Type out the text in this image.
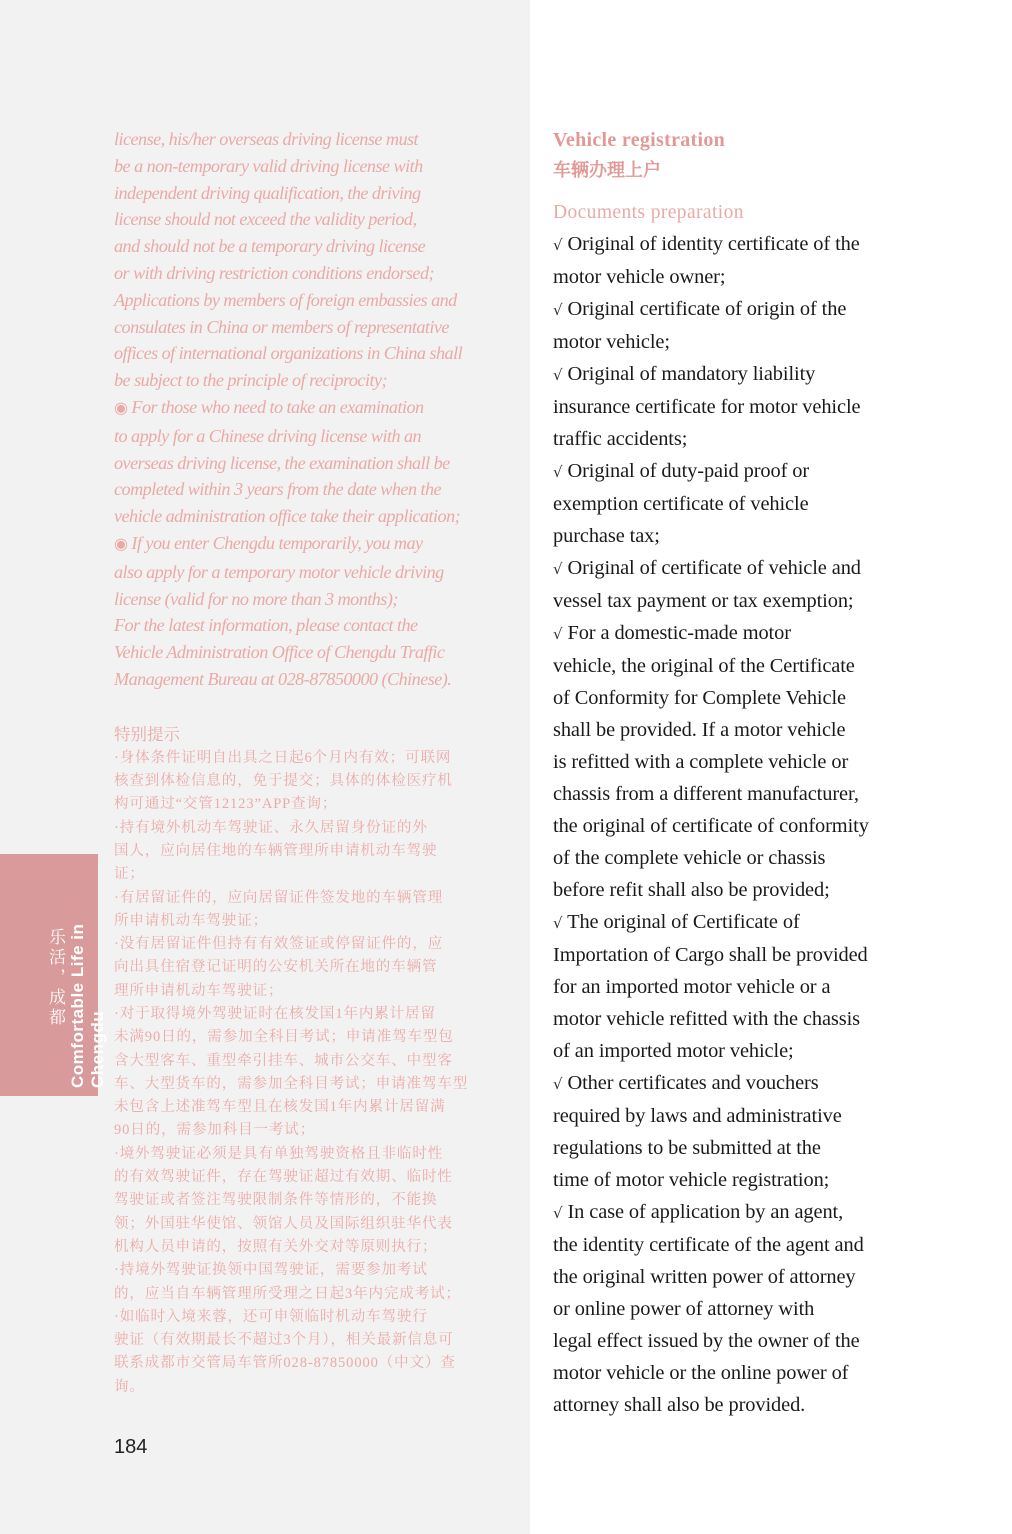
license, his/her overseas driving license must

be a non-temporary valid driving license with

independent driving qualification, the driving

license should not exceed the validity period,

and should not be a temporary driving license

or with driving restriction conditions endorsed;

Applications by members of foreign embassies and

consulates in China or members of representative

offices of international organizations in China shall

be subject to the principle of reciprocity;

◉ For those who need to take an examination

to apply for a Chinese driving license with an

overseas driving license, the examination shall be

completed within 3 years from the date when the

vehicle administration office take their application;

◉ If you enter Chengdu temporarily, you may

also apply for a temporary motor vehicle driving

license (valid for no more than 3 months);

For the latest information, please contact the

Vehicle Administration Office of Chengdu Traffic

Management Bureau at 028-87850000 (Chinese).

特别提示

·身体条件证明自出具之日起6个月内有效；可联网

核查到体检信息的，免于提交；具体的体检医疗机

构可通过“交管12123”APP查询；

·持有境外机动车驾驶证、永久居留身份证的外

国人，应向居住地的车辆管理所申请机动车驾驶

证；

·有居留证件的，应向居留证件签发地的车辆管理

所申请机动车驾驶证；

·没有居留证件但持有有效签证或停留证件的，应

向出具住宿登记证明的公安机关所在地的车辆管

理所申请机动车驾驶证；

·对于取得境外驾驶证时在核发国1年内累计居留

未满90日的，需参加全科目考试；申请准驾车型包

含大型客车、重型牵引挂车、城市公交车、中型客

车、大型货车的，需参加全科目考试；申请准驾车型

未包含上述准驾车型且在核发国1年内累计居留满

90日的，需参加科目一考试；

·境外驾驶证必须是具有单独驾驶资格且非临时性

的有效驾驶证件，存在驾驶证超过有效期、临时性

驾驶证或者签注驾驶限制条件等情形的，不能换

领；外国驻华使馆、领馆人员及国际组织驻华代表

机构人员申请的，按照有关外交对等原则执行；

·持境外驾驶证换领中国驾驶证，需要参加考试

的，应当自车辆管理所受理之日起3年内完成考试；

·如临时入境来蓉，还可申领临时机动车驾驶行

驶证（有效期最长不超过3个月），相关最新信息可

联系成都市交管局车管所028-87850000（中文）查

询。

乐活，成都 Comfortable Life in Chengdu
184
Vehicle registration
车辆办理上户
Documents preparation

√ Original of identity certificate of the

motor vehicle owner;

√ Original certificate of origin of the

motor vehicle;

√ Original of mandatory liability

insurance certificate for motor vehicle

traffic accidents;

√ Original of duty-paid proof or

exemption certificate of vehicle

purchase tax;

√ Original of certificate of vehicle and

vessel tax payment or tax exemption;

√ For a domestic-made motor

vehicle, the original of the Certificate

of Conformity for Complete Vehicle

shall be provided. If a motor vehicle

is refitted with a complete vehicle or

chassis from a different manufacturer,

the original of certificate of conformity

of the complete vehicle or chassis

before refit shall also be provided;

√ The original of Certificate of

Importation of Cargo shall be provided

for an imported motor vehicle or a

motor vehicle refitted with the chassis

of an imported motor vehicle;

√ Other certificates and vouchers

required by laws and administrative

regulations to be submitted at the

time of motor vehicle registration;

√ In case of application by an agent,

the identity certificate of the agent and

the original written power of attorney

or online power of attorney with

legal effect issued by the owner of the

motor vehicle or the online power of

attorney shall also be provided.
